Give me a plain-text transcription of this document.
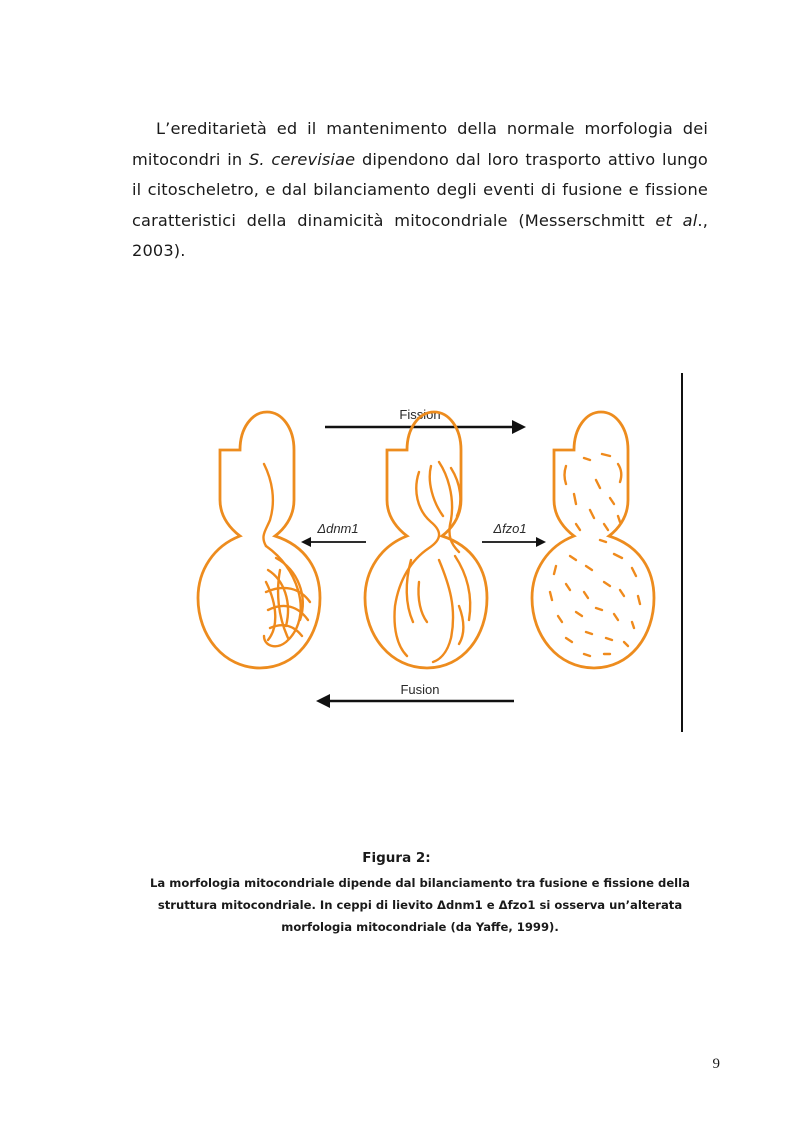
L’ereditarietà ed il mantenimento della normale morfologia dei mitocondri in S. cerevisiae dipendono dal loro trasporto attivo lungo il citoscheletro, e dal bilanciamento degli eventi di fusione e fissione caratteristici della dinamicità mitocondriale (Messerschmitt et al., 2003).

Fission
Fusion
Δdnm1	Δfzo1

Figura 2:

La morfologia mitocondriale dipende dal bilanciamento tra fusione e fissione della struttura mitocondriale. In ceppi di lievito Δdnm1 e Δfzo1 si osserva un’alterata morfologia mitocondriale (da Yaffe, 1999).

9
